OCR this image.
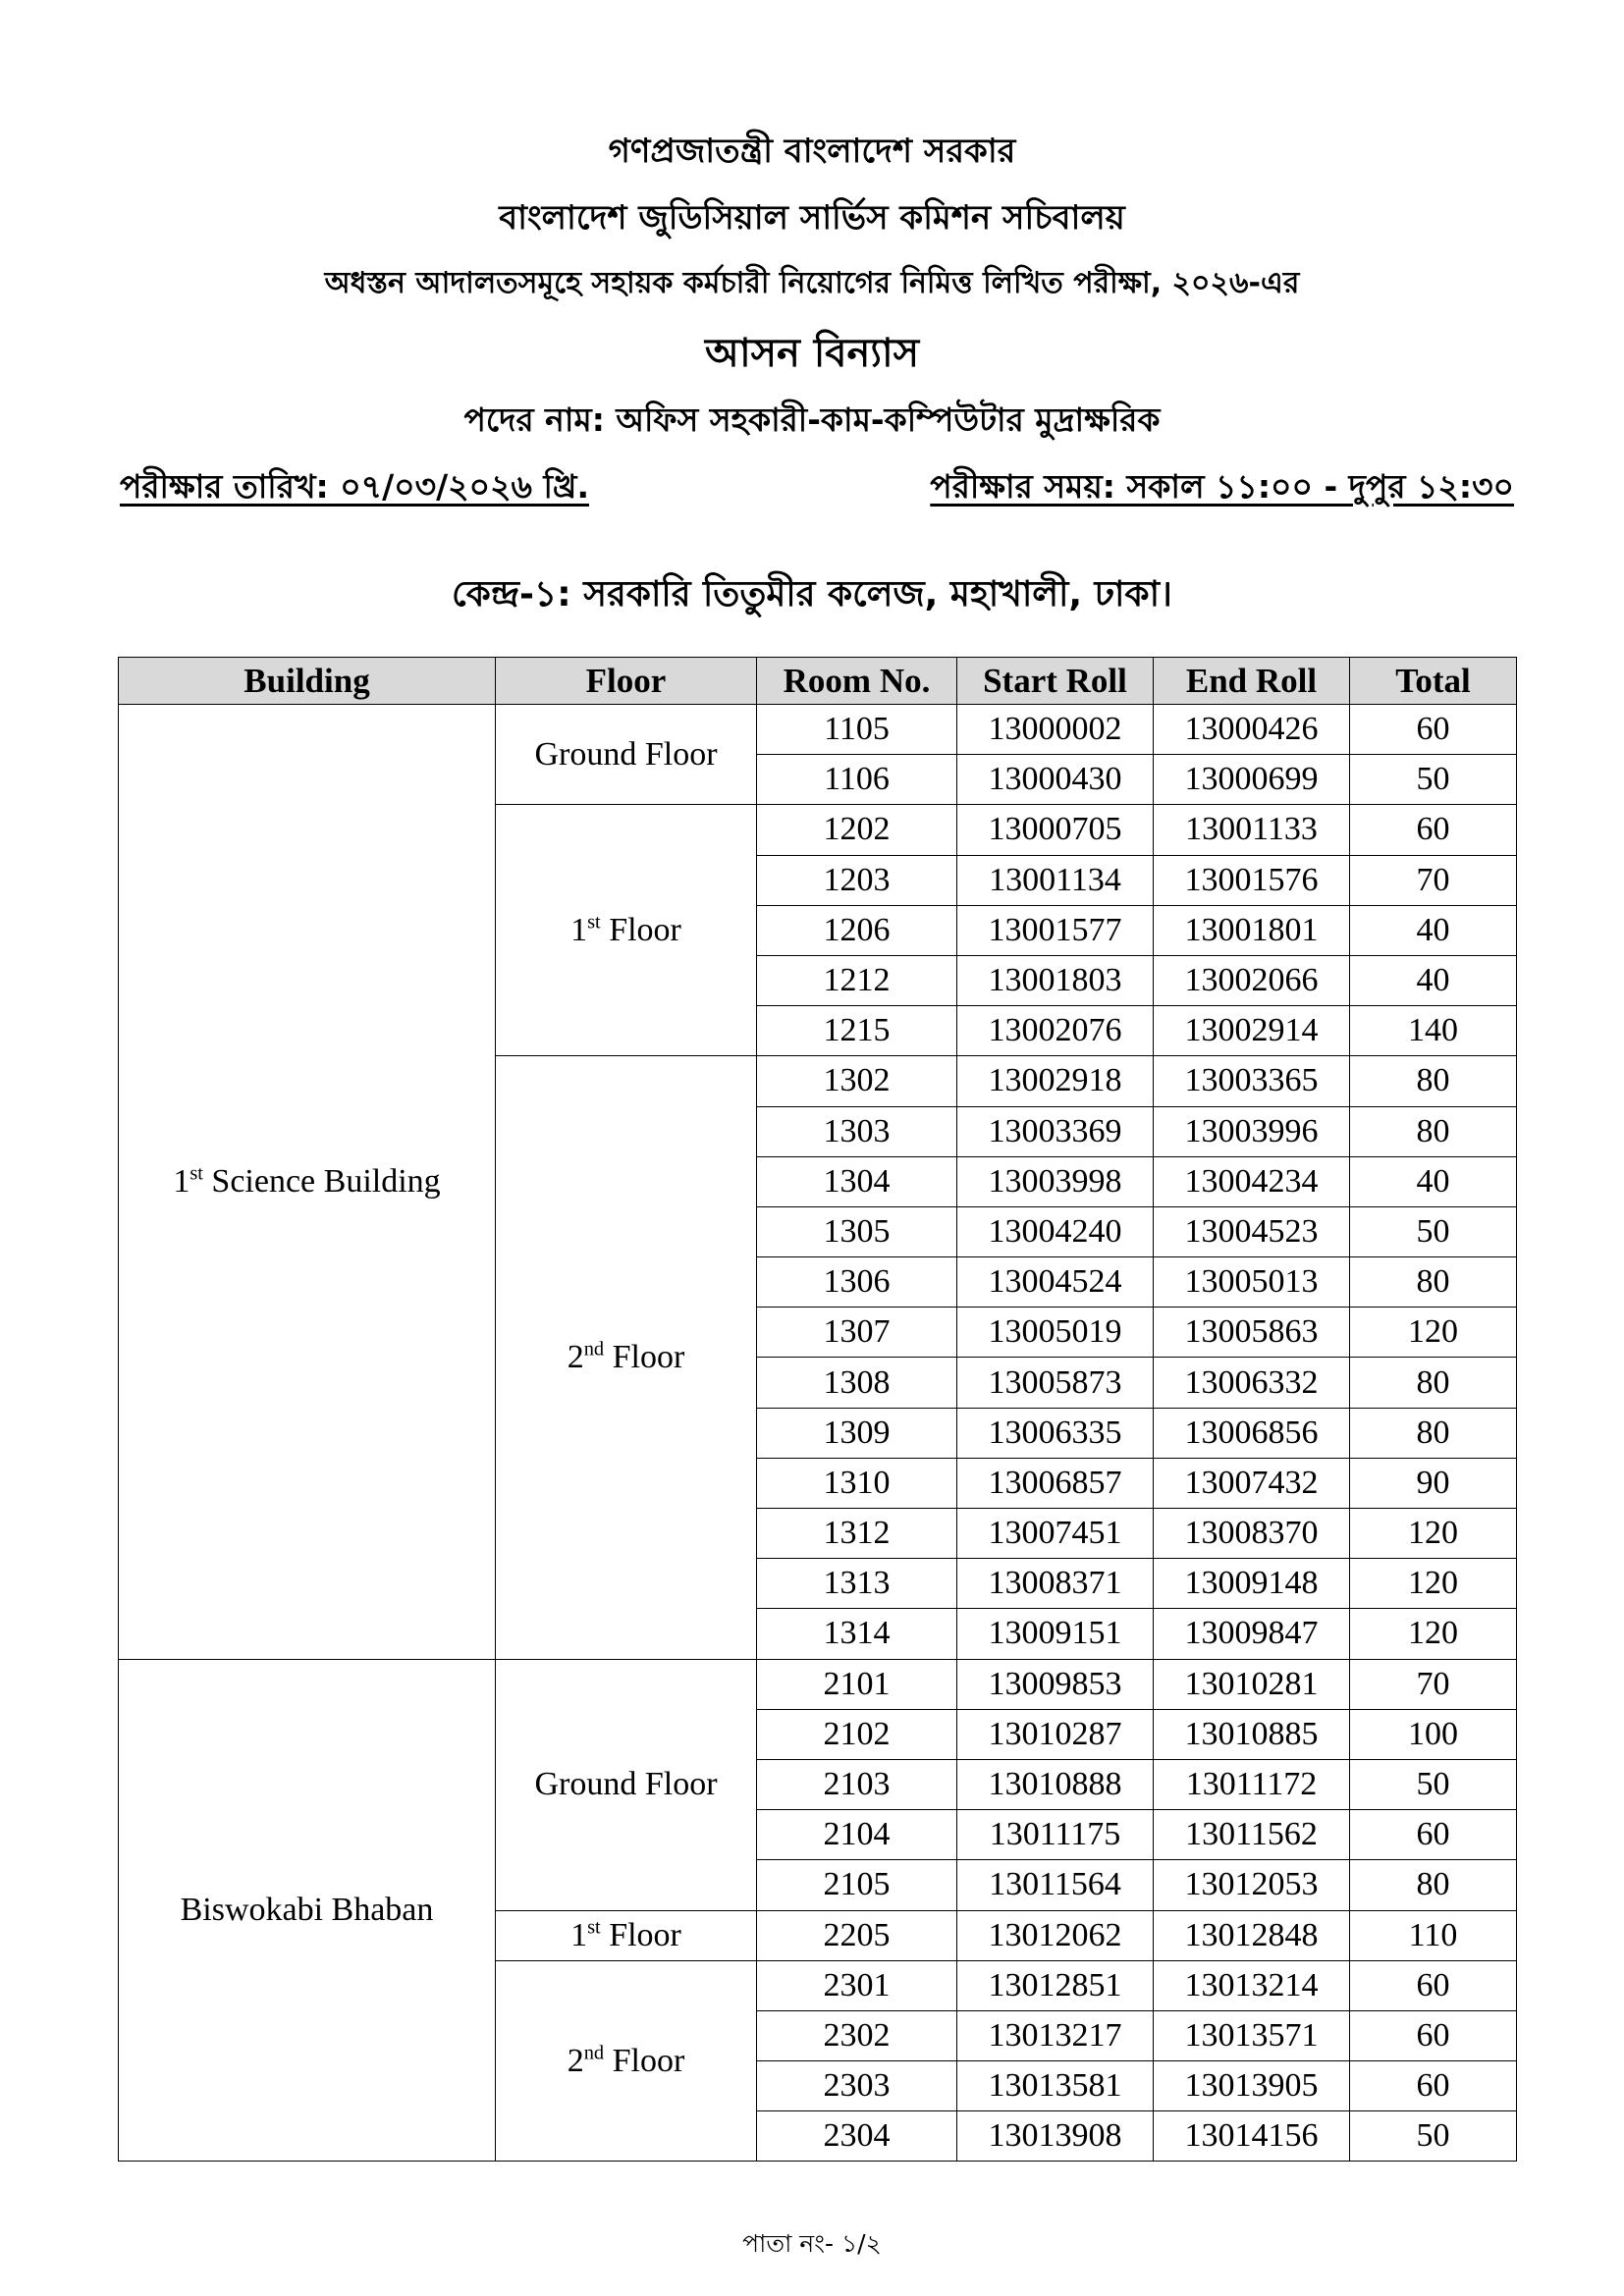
গণপ্রজাতন্ত্রী বাংলাদেশ সরকার
বাংলাদেশ জুডিসিয়াল সার্ভিস কমিশন সচিবালয়
অধস্তন আদালতসমূহে সহায়ক কর্মচারী নিয়োগের নিমিত্ত লিখিত পরীক্ষা, ২০২৬-এর
আসন বিন্যাস
পদের নাম: অফিস সহকারী-কাম-কম্পিউটার মুদ্রাক্ষরিক
পরীক্ষার তারিখ: ০৭/০৩/২০২৬ খ্রি.	পরীক্ষার সময়: সকাল ১১:০০ - দুপুর ১২:৩০
কেন্দ্র-১: সরকারি তিতুমীর কলেজ, মহাখালী, ঢাকা।
Building	Floor	Room No.	Start Roll	End Roll	Total
1st Science Building	Ground Floor	1105	13000002	13000426	60
		1106	13000430	13000699	50
	1st Floor	1202	13000705	13001133	60
		1203	13001134	13001576	70
		1206	13001577	13001801	40
		1212	13001803	13002066	40
		1215	13002076	13002914	140
	2nd Floor	1302	13002918	13003365	80
		1303	13003369	13003996	80
		1304	13003998	13004234	40
		1305	13004240	13004523	50
		1306	13004524	13005013	80
		1307	13005019	13005863	120
		1308	13005873	13006332	80
		1309	13006335	13006856	80
		1310	13006857	13007432	90
		1312	13007451	13008370	120
		1313	13008371	13009148	120
		1314	13009151	13009847	120
Biswokabi Bhaban	Ground Floor	2101	13009853	13010281	70
		2102	13010287	13010885	100
		2103	13010888	13011172	50
		2104	13011175	13011562	60
		2105	13011564	13012053	80
	1st Floor	2205	13012062	13012848	110
	2nd Floor	2301	13012851	13013214	60
		2302	13013217	13013571	60
		2303	13013581	13013905	60
		2304	13013908	13014156	50
পাতা নং- ১/২
